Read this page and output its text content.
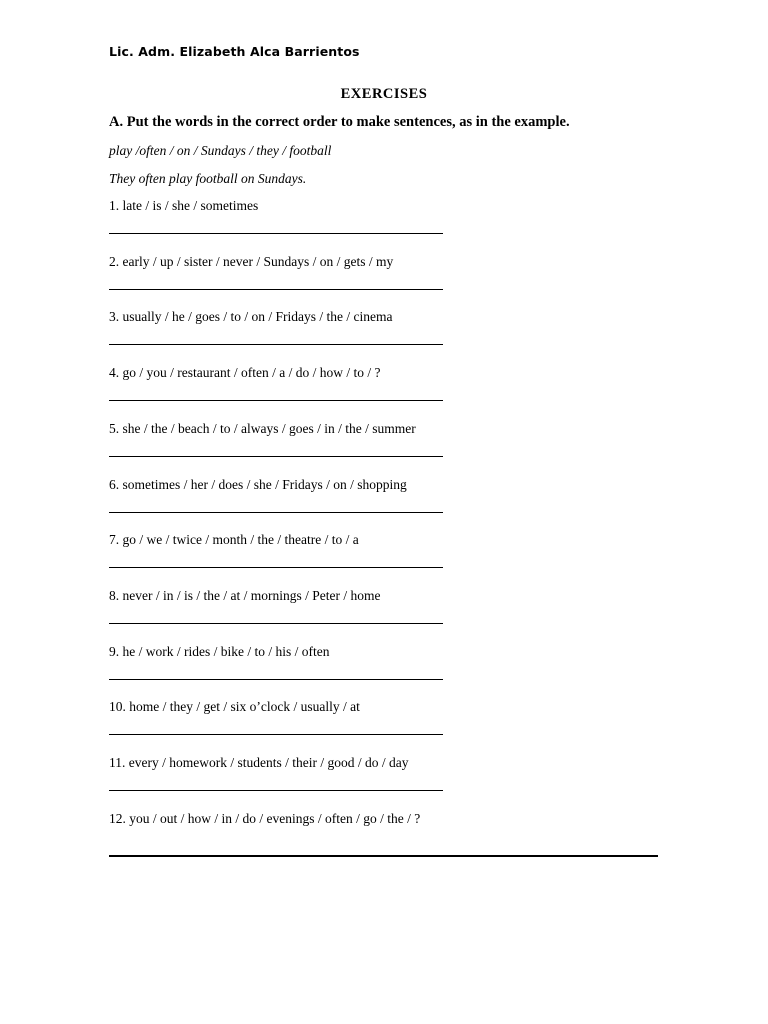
Lic. Adm. Elizabeth Alca Barrientos
EXERCISES
A. Put the words in the correct order to make sentences, as in the example.
play /often / on / Sundays / they / football
They often play football on Sundays.
1. late / is / she / sometimes
2. early / up / sister / never / Sundays / on / gets / my
3. usually / he / goes / to / on / Fridays / the / cinema
4. go / you / restaurant / often / a / do / how / to / ?
5. she / the / beach / to / always / goes / in / the / summer
6. sometimes / her / does / she / Fridays / on / shopping
7. go / we / twice / month / the / theatre / to / a
8. never / in / is / the / at / mornings / Peter / home
9. he / work / rides / bike / to / his / often
10. home / they / get / six o’clock / usually / at
11. every / homework / students / their / good / do / day
12. you / out / how / in / do / evenings / often / go / the / ?
